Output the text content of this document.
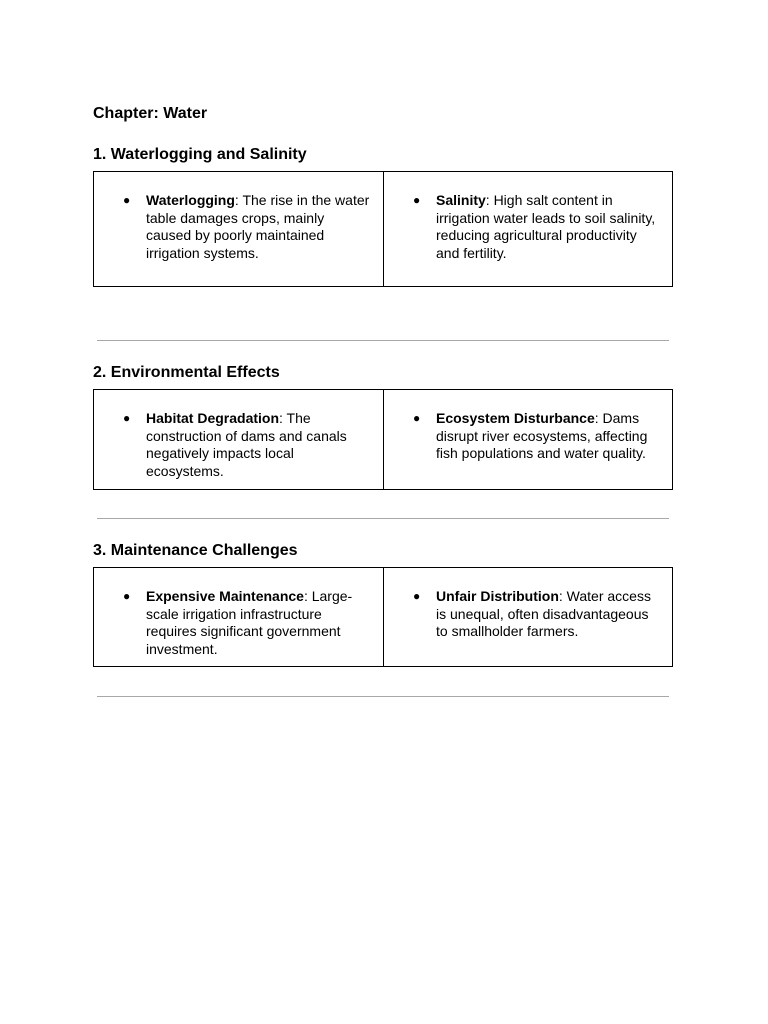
Chapter: Water
1. Waterlogging and Salinity
●	Waterlogging: The rise in the water table damages crops, mainly caused by poorly maintained irrigation systems.
●	Salinity: High salt content in irrigation water leads to soil salinity, reducing agricultural productivity and fertility.
2. Environmental Effects
●	Habitat Degradation: The construction of dams and canals negatively impacts local ecosystems.
●	Ecosystem Disturbance: Dams disrupt river ecosystems, affecting fish populations and water quality.
3. Maintenance Challenges
●	Expensive Maintenance: Large-scale irrigation infrastructure requires significant government investment.
●	Unfair Distribution: Water access is unequal, often disadvantageous to smallholder farmers.
